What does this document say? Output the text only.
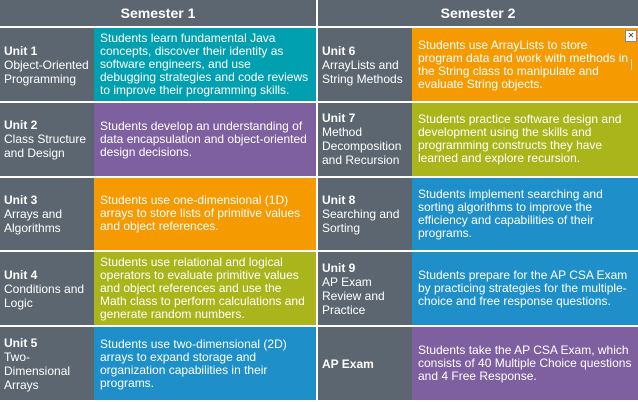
Semester 1	Semester 2
Unit 1
Object-Oriented Programming
Students learn fundamental Java concepts, discover their identity as software engineers, and use debugging strategies and code reviews to improve their programming skills.
Unit 6
ArrayLists and String Methods
Students use ArrayLists to store program data and work with methods in the String class to manipulate and evaluate String objects.
Unit 2
Class Structure and Design
Students develop an understanding of data encapsulation and object-oriented design decisions.
Unit 7
Method Decomposition and Recursion
Students practice software design and development using the skills and programming constructs they have learned and explore recursion.
Unit 3
Arrays and Algorithms
Students use one-dimensional (1D) arrays to store lists of primitive values and object references.
Unit 8
Searching and Sorting
Students implement searching and sorting algorithms to improve the efficiency and capabilities of their programs.
Unit 4
Conditions and Logic
Students use relational and logical operators to evaluate primitive values and object references and use the Math class to perform calculations and generate random numbers.
Unit 9
AP Exam Review and Practice
Students prepare for the AP CSA Exam by practicing strategies for the multiple-choice and free response questions.
Unit 5
Two-Dimensional Arrays
Students use two-dimensional (2D) arrays to expand storage and organization capabilities in their programs.
AP Exam
Students take the AP CSA Exam, which consists of 40 Multiple Choice questions and 4 Free Response.
✕
